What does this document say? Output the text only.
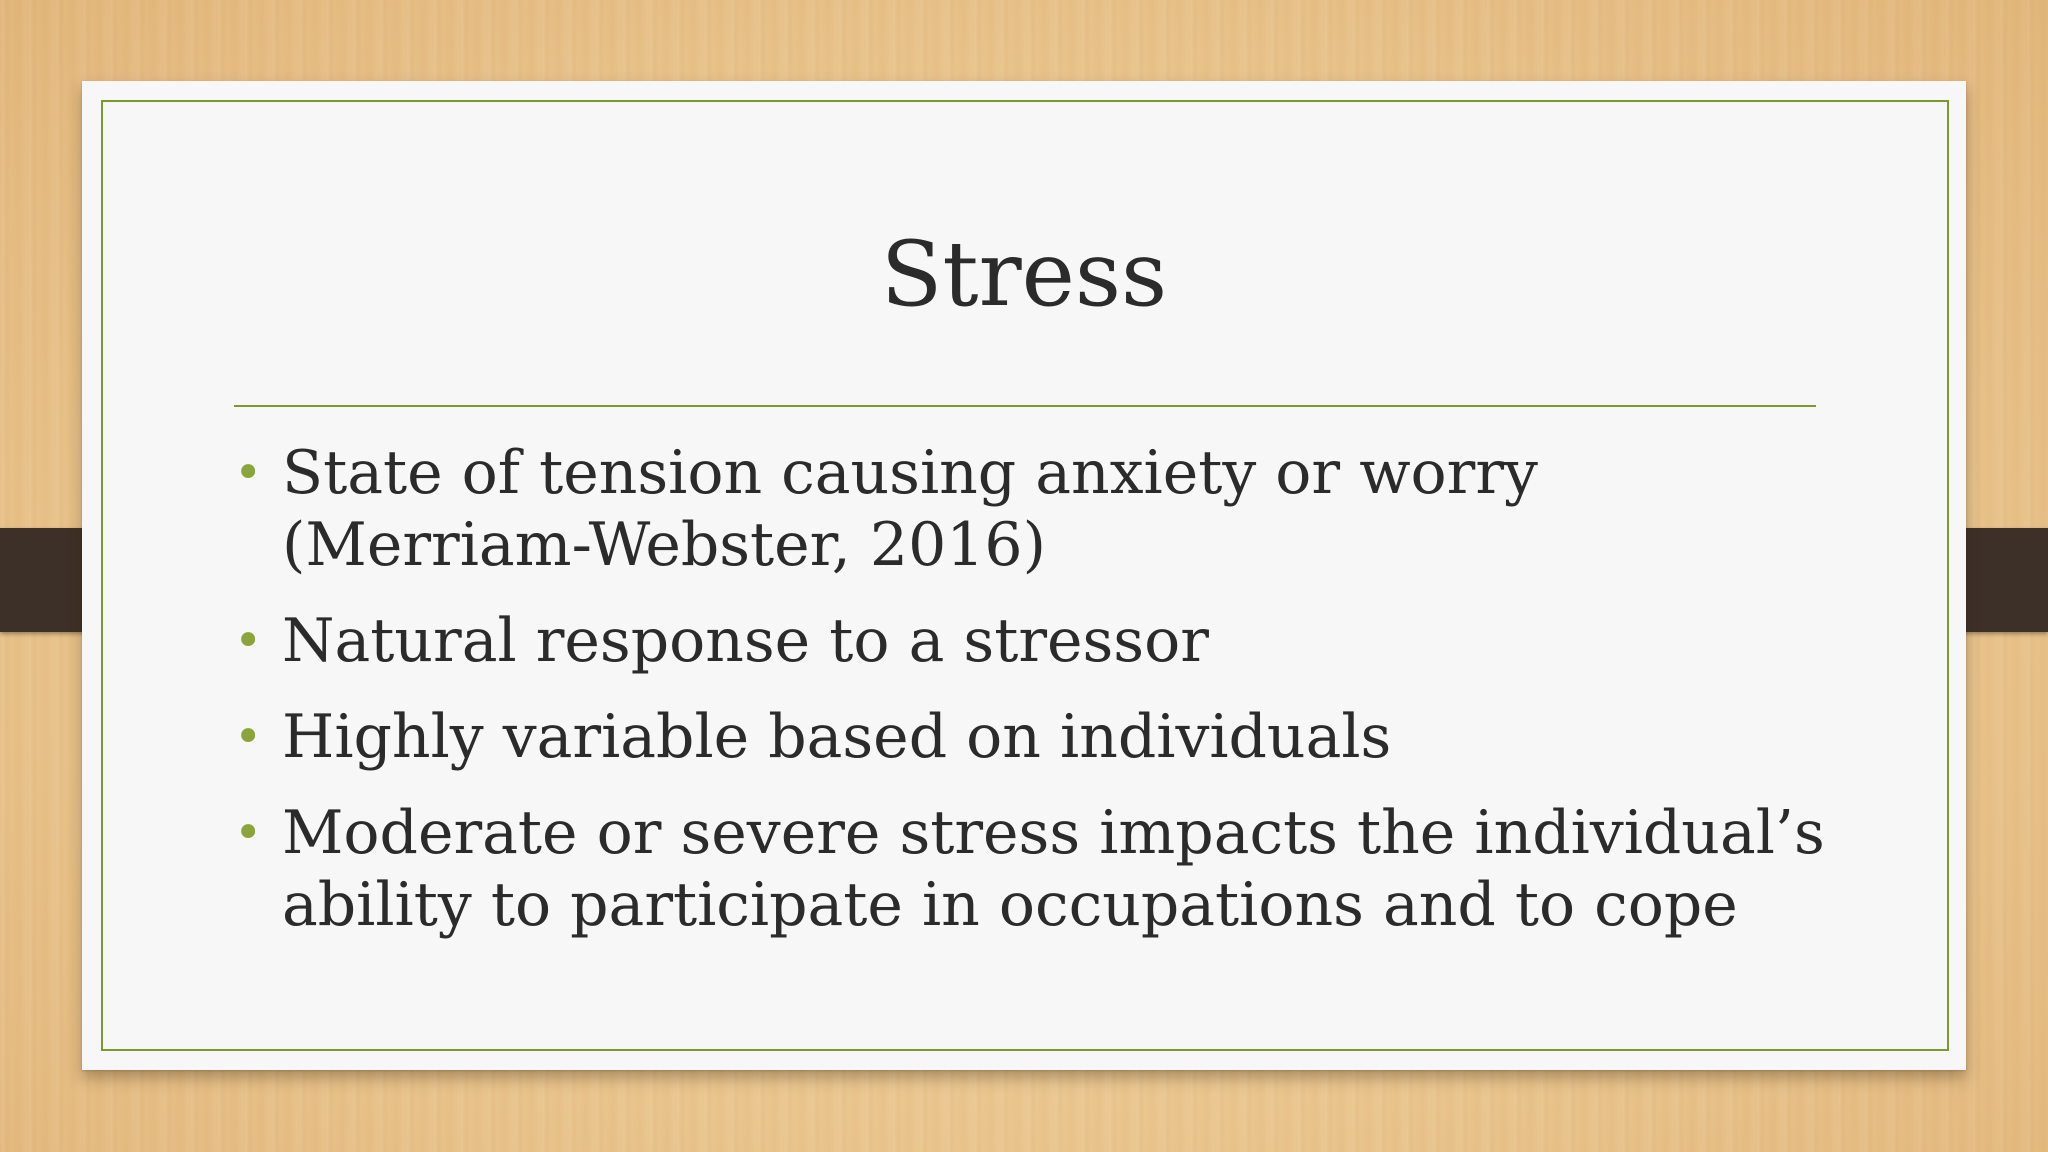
Stress
• State of tension causing anxiety or worry (Merriam-Webster, 2016)
• Natural response to a stressor
• Highly variable based on individuals
• Moderate or severe stress impacts the individual’s ability to participate in occupations and to cope
